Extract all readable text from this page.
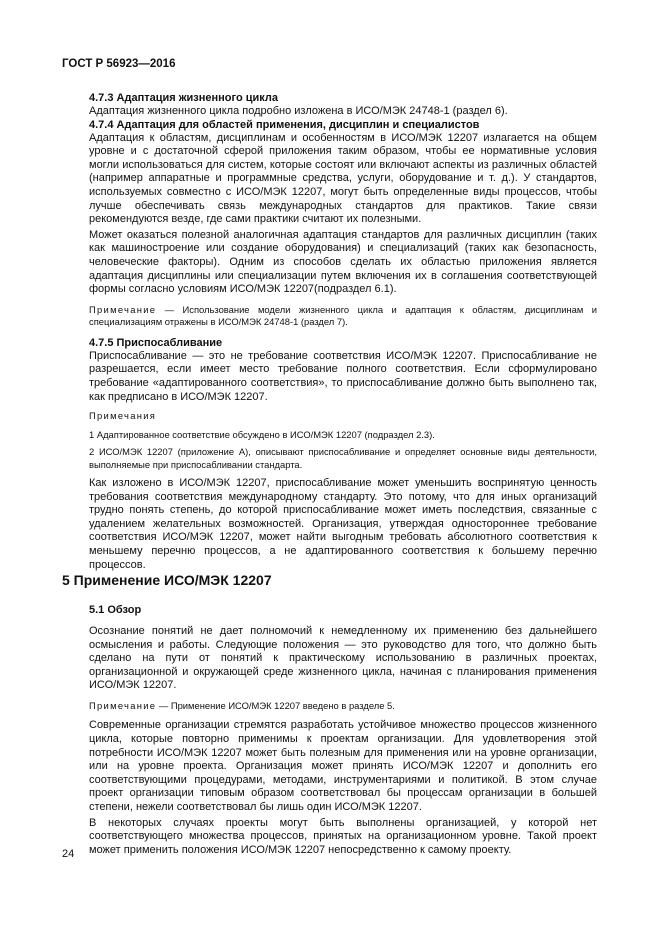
ГОСТ Р 56923—2016

4.7.3 Адаптация жизненного цикла

Адаптация жизненного цикла подробно изложена в ИСО/МЭК 24748-1 (раздел 6).

4.7.4 Адаптация для областей применения, дисциплин и специалистов

Адаптация к областям, дисциплинам и особенностям в ИСО/МЭК 12207 излагается на общем уровне и с достаточной сферой приложения таким образом, чтобы ее нормативные условия могли использоваться для систем, которые состоят или включают аспекты из различных областей (например аппаратные и программные средства, услуги, оборудование и т. д.). У стандартов, используемых совместно с ИСО/МЭК 12207, могут быть определенные виды процессов, чтобы лучше обеспечивать связь международных стандартов для практиков. Такие связи рекомендуются везде, где сами практики считают их полезными.

Может оказаться полезной аналогичная адаптация стандартов для различных дисциплин (таких как машиностроение или создание оборудования) и специализаций (таких как безопасность, человеческие факторы). Одним из способов сделать их областью приложения является адаптация дисциплины или специализации путем включения их в соглашения соответствующей формы согласно условиям ИСО/МЭК 12207(подраздел 6.1).

Примечание — Использование модели жизненного цикла и адаптация к областям, дисциплинам и специализациям отражены в ИСО/МЭК 24748-1 (раздел 7).

4.7.5 Приспосабливание

Приспосабливание — это не требование соответствия ИСО/МЭК 12207. Приспосабливание не разрешается, если имеет место требование полного соответствия. Если сформулировано требование «адаптированного соответствия», то приспосабливание должно быть выполнено так, как предписано в ИСО/МЭК 12207.

Примечания

1 Адаптированное соответствие обсуждено в ИСО/МЭК 12207 (подраздел 2.3).

2 ИСО/МЭК 12207 (приложение А), описывают приспосабливание и определяет основные виды деятельности, выполняемые при приспосабливании стандарта.

Как изложено в ИСО/МЭК 12207, приспосабливание может уменьшить воспринятую ценность требования соответствия международному стандарту. Это потому, что для иных организаций трудно понять степень, до которой приспосабливание может иметь последствия, связанные с удалением желательных возможностей. Организация, утверждая одностороннее требование соответствия ИСО/МЭК 12207, может найти выгодным требовать абсолютного соответствия к меньшему перечню процессов, а не адаптированного соответствия к большему перечню процессов.

5 Применение ИСО/МЭК 12207

5.1 Обзор

Осознание понятий не дает полномочий к немедленному их применению без дальнейшего осмысления и работы. Следующие положения — это руководство для того, что должно быть сделано на пути от понятий к практическому использованию в различных проектах, организационной и окружающей среде жизненного цикла, начиная с планирования применения ИСО/МЭК 12207.

Примечание — Применение ИСО/МЭК 12207 введено в разделе 5.

Современные организации стремятся разработать устойчивое множество процессов жизненного цикла, которые повторно применимы к проектам организации. Для удовлетворения этой потребности ИСО/МЭК 12207 может быть полезным для применения или на уровне организации, или на уровне проекта. Организация может принять ИСО/МЭК 12207 и дополнить его соответствующими процедурами, методами, инструментариями и политикой. В этом случае проект организации типовым образом соответствовал бы процессам организации в большей степени, нежели соответствовал бы лишь один ИСО/МЭК 12207.

В некоторых случаях проекты могут быть выполнены организацией, у которой нет соответствующего множества процессов, принятых на организационном уровне. Такой проект может применить положения ИСО/МЭК 12207 непосредственно к самому проекту.

24
